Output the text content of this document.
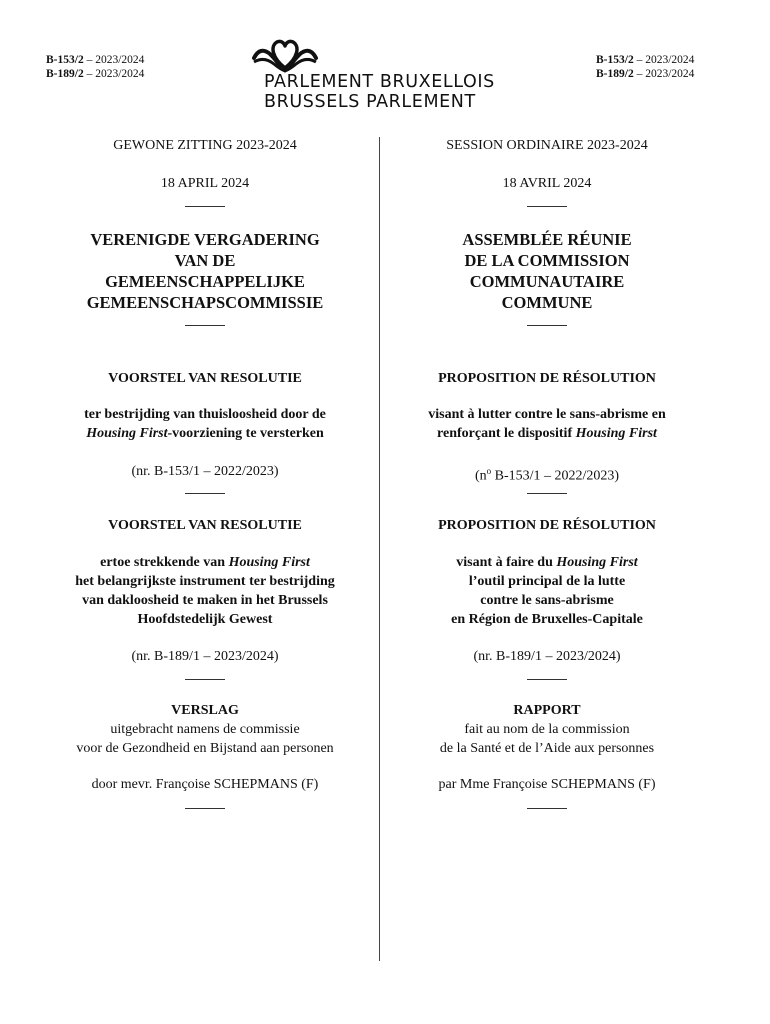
B-153/2 – 2023/2024
B-189/2 – 2023/2024
B-153/2 – 2023/2024
B-189/2 – 2023/2024
PARLEMENT BRUXELLOIS
BRUSSELS PARLEMENT
GEWONE ZITTING 2023-2024
18 APRIL 2024
VERENIGDE VERGADERING
VAN DE
GEMEENSCHAPPELIJKE
GEMEENSCHAPSCOMMISSIE
VOORSTEL VAN RESOLUTIE
ter bestrijding van thuisloosheid door de
Housing First-voorziening te versterken
(nr. B-153/1 – 2022/2023)
VOORSTEL VAN RESOLUTIE
ertoe strekkende van Housing First
het belangrijkste instrument ter bestrijding
van dakloosheid te maken in het Brussels
Hoofdstedelijk Gewest
(nr. B-189/1 – 2023/2024)
VERSLAG
uitgebracht namens de commissie
voor de Gezondheid en Bijstand aan personen
door mevr. Françoise SCHEPMANS (F)
SESSION ORDINAIRE 2023-2024
18 AVRIL 2024
ASSEMBLÉE RÉUNIE
DE LA COMMISSION
COMMUNAUTAIRE
COMMUNE
PROPOSITION DE RÉSOLUTION
visant à lutter contre le sans-abrisme en
renforçant le dispositif Housing First
($n^o$ B-153/1 – 2022/2023)
PROPOSITION DE RÉSOLUTION
visant à faire du Housing First
l’outil principal de la lutte
contre le sans-abrisme
en Région de Bruxelles-Capitale
(nr. B-189/1 – 2023/2024)
RAPPORT
fait au nom de la commission
de la Santé et de l’Aide aux personnes
par Mme Françoise SCHEPMANS (F)
